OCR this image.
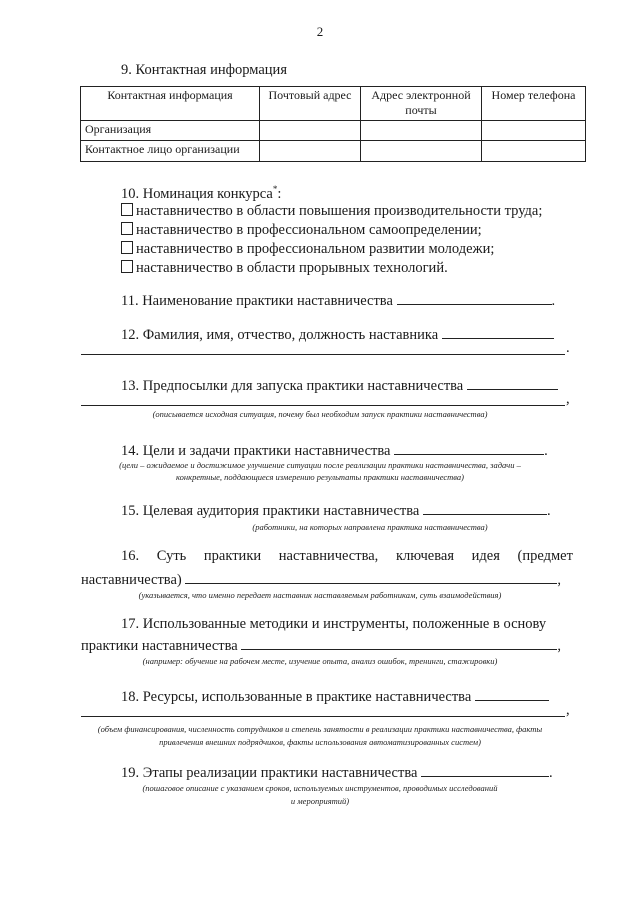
2
9. Контактная информация
Контактная информация	Почтовый адрес	Адрес электронной почты	Номер телефона
Организация			
Контактное лицо организации			
10. Номинация конкурса*:
наставничество в области повышения производительности труда;
наставничество в профессиональном самоопределении;
наставничество в профессиональном развитии молодежи;
наставничество в области прорывных технологий.
11. Наименование практики наставничества	.
12. Фамилия, имя, отчество, должность наставника
.
13. Предпосылки для запуска практики наставничества
,
(описывается исходная ситуация, почему был необходим запуск практики наставничества)
14. Цели и задачи практики наставничества	.
(цели – ожидаемое и достижимое улучшение ситуации после реализации практики наставничества, задачи –
конкретные, поддающиеся измерению результаты практики наставничества)
15. Целевая аудитория практики наставничества	.
(работники, на которых направлена практика наставничества)
16. Суть практики наставничества, ключевая идея (предмет
наставничества)	,
(указывается, что именно передает наставник наставляемым работникам, суть взаимодействия)
17. Использованные методики и инструменты, положенные в основу
практики наставничества	,
(например: обучение на рабочем месте, изучение опыта, анализ ошибок, тренинги, стажировки)
18. Ресурсы, использованные в практике наставничества
,
(объем финансирования, численность сотрудников и степень занятости в реализации практики наставничества, факты
привлечения внешних подрядчиков, факты использования автоматизированных систем)
19. Этапы реализации практики наставничества	.
(пошаговое описание с указанием сроков, используемых инструментов, проводимых исследований
и мероприятий)
